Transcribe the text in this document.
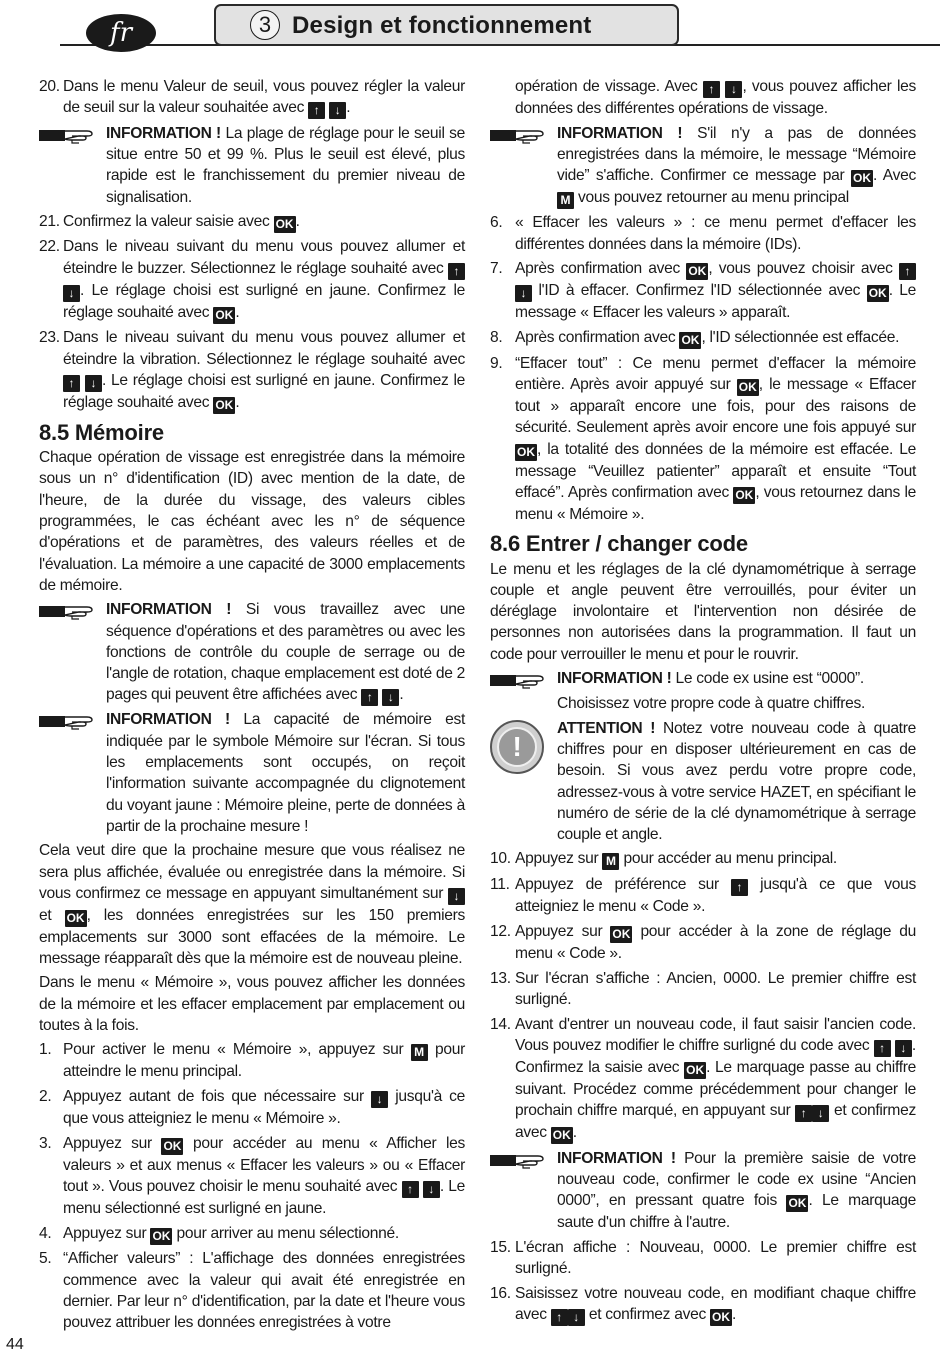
fr	3 Design et fonctionnement
20. Dans le menu Valeur de seuil, vous pouvez régler la valeur de seuil sur la valeur souhaitée avec ↑ ↓ .
INFORMATION ! La plage de réglage pour le seuil se situe entre 50 et 99 %. Plus le seuil est élevé, plus rapide est le franchissement du premier niveau de signalisation.
21. Confirmez la valeur saisie avec OK .
22. Dans le niveau suivant du menu vous pouvez allumer et éteindre le buzzer. Sélectionnez le réglage souhaité avec ↑ ↓ . Le réglage choisi est surligné en jaune. Confirmez le réglage souhaité avec OK .
23. Dans le niveau suivant du menu vous pouvez allumer et éteindre la vibration. Sélectionnez le réglage souhaité avec ↑ ↓ . Le réglage choisi est surligné en jaune. Confirmez le réglage souhaité avec OK .
8.5 Mémoire

Chaque opération de vissage est enregistrée dans la mémoire sous un n° d'identification (ID) avec mention de la date, de l'heure, de la durée du vissage, des valeurs cibles programmées, le cas échéant avec les n° de séquence d'opérations et de paramètres, des valeurs réelles et de l'évaluation. La mémoire a une capacité de 3000 emplacements de mémoire.

INFORMATION ! Si vous travaillez avec une séquence d'opérations et des paramètres ou avec les fonctions de contrôle du couple de serrage ou de l'angle de rotation, chaque emplacement est doté de 2 pages qui peuvent être affichées avec ↑ ↓ .
INFORMATION ! La capacité de mémoire est indiquée par le symbole Mémoire sur l'écran. Si tous les emplacements sont occupés, on reçoit l'information suivante accompagnée du clignotement du voyant jaune : Mémoire pleine, perte de données à partir de la prochaine mesure !

Cela veut dire que la prochaine mesure que vous réalisez ne sera plus affichée, évaluée ou enregistrée dans la mémoire. Si vous confirmez ce message en appuyant simultanément sur ↓ et OK , les données enregistrées sur les 150 premiers emplacements sur 3000 sont effacées de la mémoire. Le message réapparaît dès que la mémoire est de nouveau pleine.

Dans le menu « Mémoire », vous pouvez afficher les données de la mémoire et les effacer emplacement par emplacement ou toutes à la fois.

1. Pour activer le menu « Mémoire », appuyez sur M pour atteindre le menu principal.
2. Appuyez autant de fois que nécessaire sur ↓ jusqu'à ce que vous atteigniez le menu « Mémoire ».
3. Appuyez sur OK pour accéder au menu « Afficher les valeurs » et aux menus « Effacer les valeurs » ou « Effacer tout ». Vous pouvez choisir le menu souhaité avec ↑ ↓ . Le menu sélectionné est surligné en jaune.
4. Appuyez sur OK pour arriver au menu sélectionné.
5. “Afficher valeurs” : L'affichage des données enregistrées commence avec la valeur qui avait été enregistrée en dernier. Par leur n° d'identification, par la date et l'heure vous pouvez attribuer les données enregistrées à votre
opération de vissage. Avec ↑ ↓ , vous pouvez afficher les données des différentes opérations de vissage.
INFORMATION ! S'il n'y a pas de données enregistrées dans la mémoire, le message “Mémoire vide” s'affiche. Confirmer ce message par OK . Avec M vous pouvez retourner au menu principal
6. « Effacer les valeurs » : ce menu permet d'effacer les différentes données dans la mémoire (IDs).
7. Après confirmation avec OK , vous pouvez choisir avec ↑ ↓ l'ID à effacer. Confirmez l'ID sélectionnée avec OK . Le message « Effacer les valeurs » apparaît.
8. Après confirmation avec OK , l'ID sélectionnée est effacée.
9. “Effacer tout” : Ce menu permet d'effacer la mémoire entière. Après avoir appuyé sur OK , le message « Effacer tout » apparaît encore une fois, pour des raisons de sécurité. Seulement après avoir encore une fois appuyé sur OK , la totalité des données de la mémoire est effacée. Le message “Veuillez patienter” apparaît et ensuite “Tout effacé”. Après confirmation avec OK , vous retournez dans le menu « Mémoire ».
8.6 Entrer / changer code

Le menu et les réglages de la clé dynamométrique à serrage couple et angle peuvent être verrouillés, pour éviter un déréglage involontaire et l'intervention non désirée de personnes non autorisées dans la programmation. Il faut un code pour verrouiller le menu et pour le rouvrir.

INFORMATION ! Le code ex usine est “0000”.
Choisissez votre propre code à quatre chiffres.
!
ATTENTION ! Notez votre nouveau code à quatre chiffres pour en disposer ultérieurement en cas de besoin. Si vous avez perdu votre propre code, adressez-vous à votre service HAZET, en spécifiant le numéro de série de la clé dynamométrique à serrage couple et angle.
10. Appuyez sur M pour accéder au menu principal.
11. Appuyez de préférence sur ↑ jusqu'à ce que vous atteigniez le menu « Code ».
12. Appuyez sur OK pour accéder à la zone de réglage du menu « Code ».
13. Sur l'écran s'affiche : Ancien, 0000. Le premier chiffre est surligné.
14. Avant d'entrer un nouveau code, il faut saisir l'ancien code. Vous pouvez modifier le chiffre surligné du code avec ↑ ↓ . Confirmez la saisie avec OK . Le marquage passe au chiffre suivant. Procédez comme précédemment pour changer le prochain chiffre marqué, en appuyant sur ↑ ↓ et confirmez avec OK .
INFORMATION ! Pour la première saisie de votre nouveau code, confirmer le code ex usine “Ancien 0000”, en pressant quatre fois OK . Le marquage saute d'un chiffre à l'autre.
15. L'écran affiche : Nouveau, 0000. Le premier chiffre est surligné.
16. Saisissez votre nouveau code, en modifiant chaque chiffre avec ↑ ↓ et confirmez avec OK .
44
